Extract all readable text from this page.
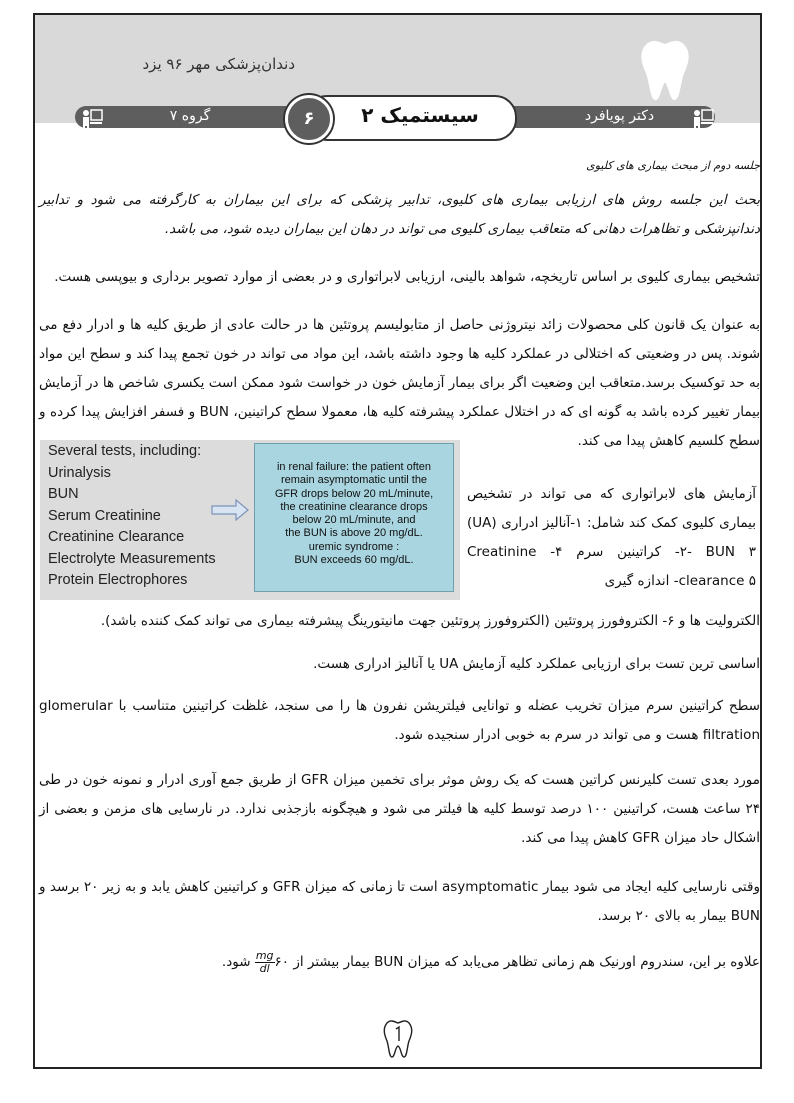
دندان‌پزشکی مهر ۹۶ یزد
گروه ۷	دکتر پویافرد
سیستمیک ۲
۶
جلسه دوم از مبحث بیماری های کلیوی
بحث این جلسه روش های ارزیابی بیماری های کلیوی، تدابیر پزشکی که برای این بیماران به کارگرفته می شود و تدابیر دندانپزشکی و تظاهرات دهانی که متعاقب بیماری کلیوی می تواند در دهان این بیماران دیده شود، می باشد.
تشخیص بیماری کلیوی بر اساس تاریخچه، شواهد بالینی، ارزیابی لابراتواری و در بعضی از موارد تصویر برداری و بیوپسی هست.
به عنوان یک قانون کلی محصولات زائد نیتروژنی حاصل از متابولیسم پروتئین ها در حالت عادی از طریق کلیه ها و ادرار دفع می شوند. پس در وضعیتی که اختلالی در عملکرد کلیه ها وجود داشته باشد، این مواد می تواند در خون تجمع پیدا کند و سطح این مواد به حد توکسیک برسد.متعاقب این وضعیت اگر برای بیمار آزمایش خون در خواست شود ممکن است یکسری شاخص ها در آزمایش بیمار تغییر کرده باشد به گونه ای که در اختلال عملکرد پیشرفته کلیه ها، معمولا سطح کراتینین، BUN و فسفر افزایش پیدا کرده و سطح کلسیم کاهش پیدا می کند.
Several tests, including:
Urinalysis
BUN
Serum Creatinine
Creatinine Clearance
Electrolyte Measurements
Protein Electrophores
in renal failure: the patient often
remain asymptomatic until the
GFR drops below 20 mL/minute,
the creatinine clearance drops
below 20 mL/minute, and
the BUN is above 20 mg/dL.
uremic syndrome :
BUN exceeds 60 mg/dL.
آزمایش های لابراتواری که می تواند در تشخیص بیماری کلیوی کمک کند شامل: ۱-آنالیز ادراری (UA) ۲- BUN ۳- کراتینین سرم ۴- Creatinine clearance ۵- اندازه گیری
الکترولیت ها و ۶- الکتروفورز پروتئین (الکتروفورز پروتئین جهت مانیتورینگ پیشرفته بیماری می تواند کمک کننده باشد).
اساسی ترین تست برای ارزیابی عملکرد کلیه آزمایش UA یا آنالیز ادراری هست.
سطح کراتینین سرم میزان تخریب عضله و توانایی فیلتریشن نفرون ها را می سنجد، غلظت کراتینین متناسب با glomerular filtration هست و می تواند در سرم به خوبی ادرار سنجیده شود.
مورد بعدی تست کلیرنس کراتین هست که یک روش موثر برای تخمین میزان GFR از طریق جمع آوری ادرار و نمونه خون در طی ۲۴ ساعت هست، کراتینین ۱۰۰ درصد توسط کلیه ها فیلتر می شود و هیچگونه بازجذبی ندارد. در نارسایی های مزمن و بعضی از اشکال حاد میزان GFR کاهش پیدا می کند.
وقتی نارسایی کلیه ایجاد می شود بیمار asymptomatic است تا زمانی که میزان GFR و کراتینین کاهش یابد و به زیر ۲۰ برسد و BUN بیمار به بالای ۲۰ برسد.
علاوه بر این، سندروم اورنیک هم زمانی تظاهر می‌یابد که میزان BUN بیمار بیشتر از ۶۰
$\frac{mg}{dl}$
شود.
